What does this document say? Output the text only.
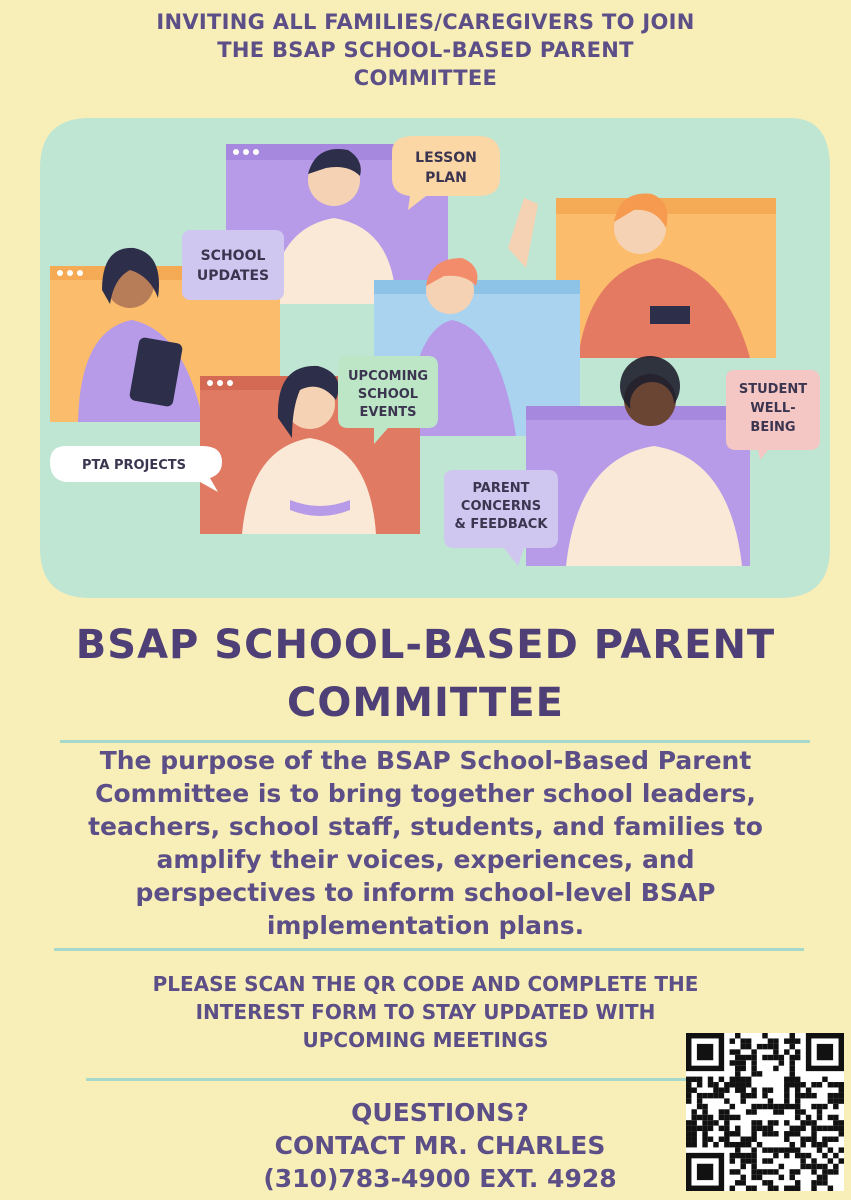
INVITING ALL FAMILIES/CAREGIVERS TO JOIN
THE BSAP SCHOOL-BASED PARENT
COMMITTEE
LESSON
PLAN
SCHOOL
UPDATES
UPCOMING
SCHOOL
EVENTS
PTA PROJECTS
STUDENT
WELL-
BEING
PARENT
CONCERNS
& FEEDBACK
BSAP SCHOOL-BASED PARENT
COMMITTEE
The purpose of the BSAP School-Based Parent
Committee is to bring together school leaders,
teachers, school staff, students, and families to
amplify their voices, experiences, and
perspectives to inform school-level BSAP
implementation plans.
PLEASE SCAN THE QR CODE AND COMPLETE THE
INTEREST FORM TO STAY UPDATED WITH
UPCOMING MEETINGS
QUESTIONS?
CONTACT MR. CHARLES
(310)783-4900 EXT. 4928
